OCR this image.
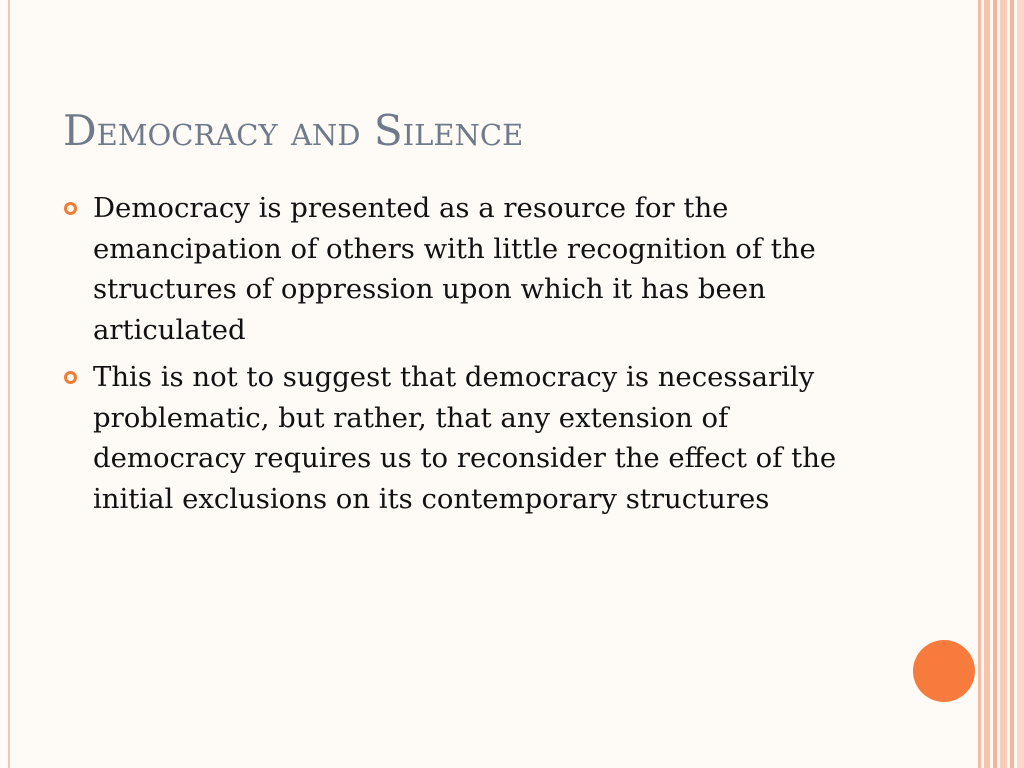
Democracy and Silence
Democracy is presented as a resource for the emancipation of others with little recognition of the structures of oppression upon which it has been articulated
This is not to suggest that democracy is necessarily problematic, but rather, that any extension of democracy requires us to reconsider the effect of the initial exclusions on its contemporary structures
